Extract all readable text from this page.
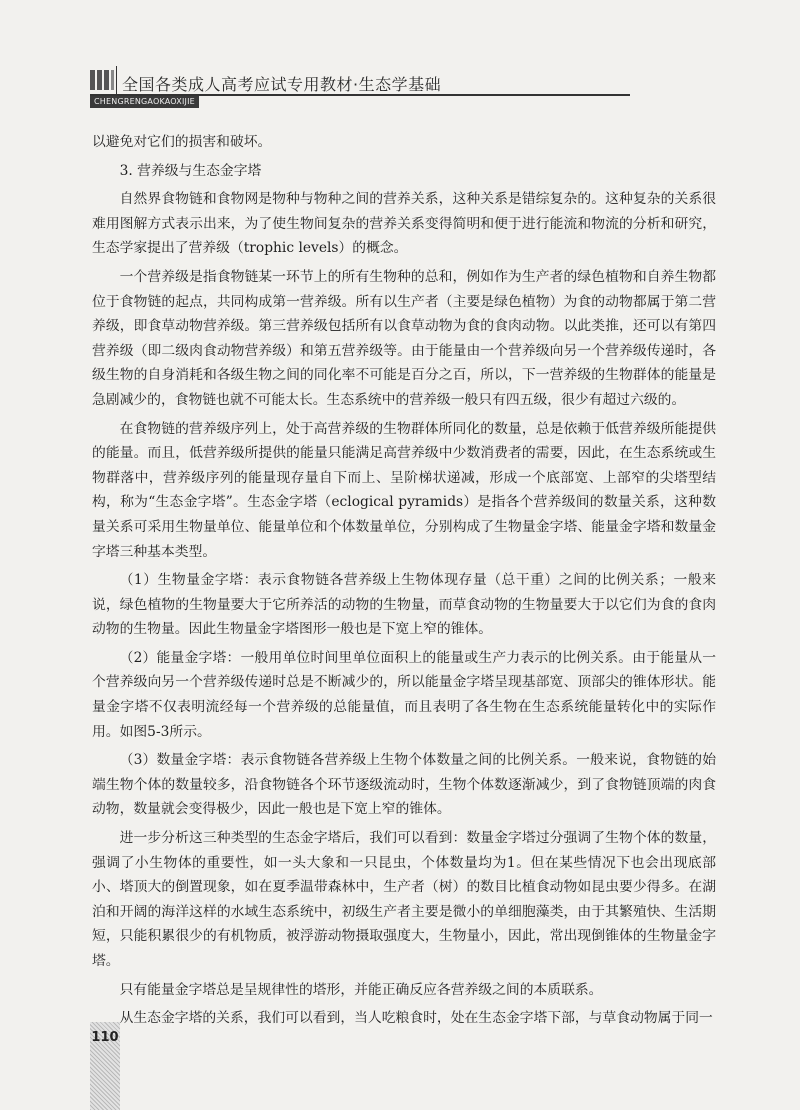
全国各类成人高考应试专用教材·生态学基础
CHENGRENGAOKAOXIJIE

以避免对它们的损害和破坏。

3. 营养级与生态金字塔

自然界食物链和食物网是物种与物种之间的营养关系，这种关系是错综复杂的。这种复杂的关系很难用图解方式表示出来，为了使生物间复杂的营养关系变得简明和便于进行能流和物流的分析和研究，生态学家提出了营养级（trophic levels）的概念。

一个营养级是指食物链某一环节上的所有生物种的总和，例如作为生产者的绿色植物和自养生物都位于食物链的起点，共同构成第一营养级。所有以生产者（主要是绿色植物）为食的动物都属于第二营养级，即食草动物营养级。第三营养级包括所有以食草动物为食的食肉动物。以此类推，还可以有第四营养级（即二级肉食动物营养级）和第五营养级等。由于能量由一个营养级向另一个营养级传递时，各级生物的自身消耗和各级生物之间的同化率不可能是百分之百，所以，下一营养级的生物群体的能量是急剧减少的，食物链也就不可能太长。生态系统中的营养级一般只有四五级，很少有超过六级的。

在食物链的营养级序列上，处于高营养级的生物群体所同化的数量，总是依赖于低营养级所能提供的能量。而且，低营养级所提供的能量只能满足高营养级中少数消费者的需要，因此，在生态系统或生物群落中，营养级序列的能量现存量自下而上、呈阶梯状递减，形成一个底部宽、上部窄的尖塔型结构，称为“生态金字塔”。生态金字塔（eclogical pyramids）是指各个营养级间的数量关系，这种数量关系可采用生物量单位、能量单位和个体数量单位，分别构成了生物量金字塔、能量金字塔和数量金字塔三种基本类型。

（1）生物量金字塔：表示食物链各营养级上生物体现存量（总干重）之间的比例关系；一般来说，绿色植物的生物量要大于它所养活的动物的生物量，而草食动物的生物量要大于以它们为食的食肉动物的生物量。因此生物量金字塔图形一般也是下宽上窄的锥体。

（2）能量金字塔：一般用单位时间里单位面积上的能量或生产力表示的比例关系。由于能量从一个营养级向另一个营养级传递时总是不断减少的，所以能量金字塔呈现基部宽、顶部尖的锥体形状。能量金字塔不仅表明流经每一个营养级的总能量值，而且表明了各生物在生态系统能量转化中的实际作用。如图5-3所示。

（3）数量金字塔：表示食物链各营养级上生物个体数量之间的比例关系。一般来说，食物链的始端生物个体的数量较多，沿食物链各个环节逐级流动时，生物个体数逐渐减少，到了食物链顶端的肉食动物，数量就会变得极少，因此一般也是下宽上窄的锥体。

进一步分析这三种类型的生态金字塔后，我们可以看到：数量金字塔过分强调了生物个体的数量，强调了小生物体的重要性，如一头大象和一只昆虫，个体数量均为1。但在某些情况下也会出现底部小、塔顶大的倒置现象，如在夏季温带森林中，生产者（树）的数目比植食动物如昆虫要少得多。在湖泊和开阔的海洋这样的水域生态系统中，初级生产者主要是微小的单细胞藻类，由于其繁殖快、生活期短，只能积累很少的有机物质，被浮游动物摄取强度大，生物量小，因此，常出现倒锥体的生物量金字塔。

只有能量金字塔总是呈规律性的塔形，并能正确反应各营养级之间的本质联系。

从生态金字塔的关系，我们可以看到，当人吃粮食时，处在生态金字塔下部，与草食动物属于同一

110
